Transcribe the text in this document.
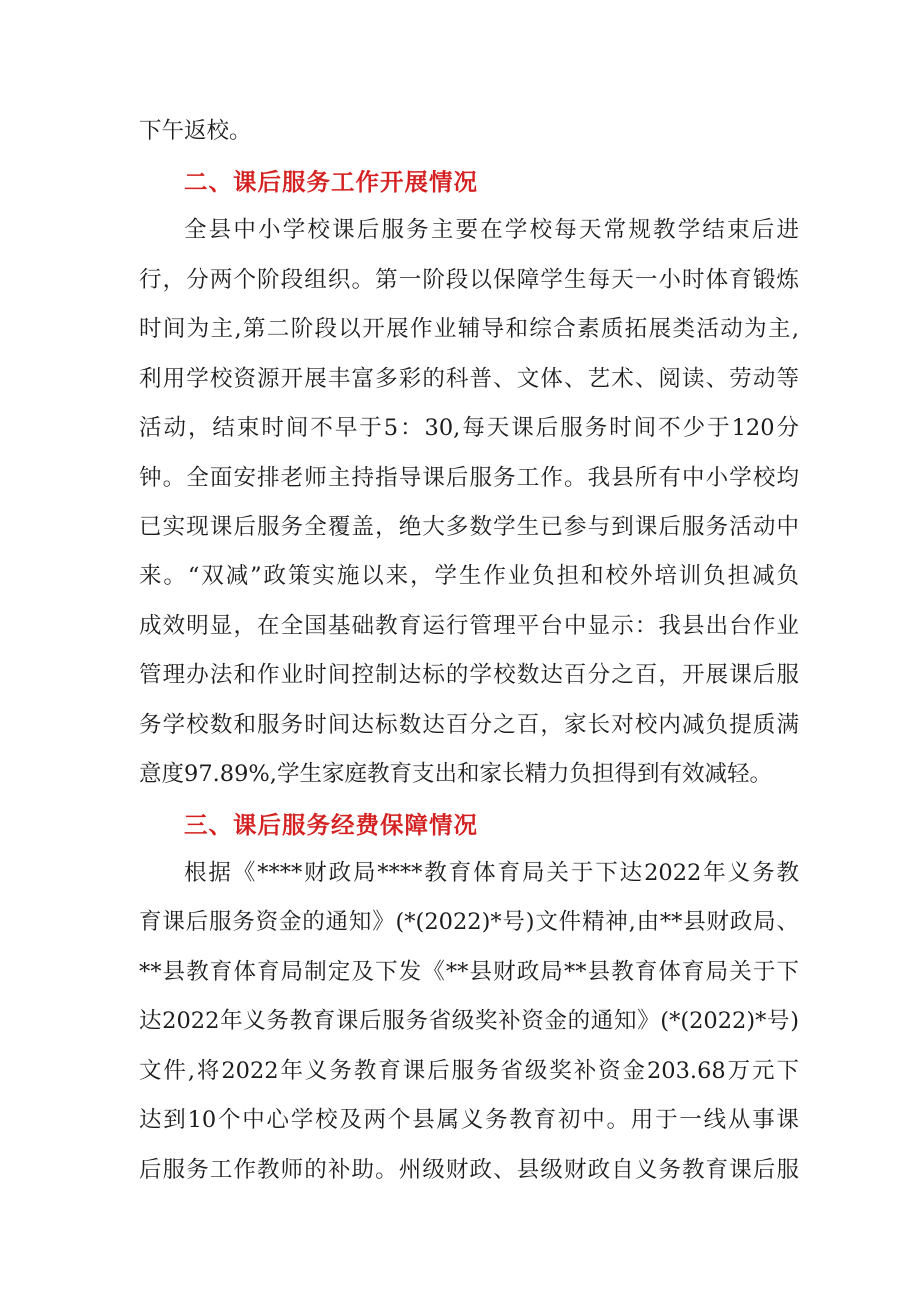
下午返校。
二、课后服务工作开展情况
全县中小学校课后服务主要在学校每天常规教学结束后进
行，分两个阶段组织。第一阶段以保障学生每天一小时体育锻炼
时间为主,第二阶段以开展作业辅导和综合素质拓展类活动为主,
利用学校资源开展丰富多彩的科普、文体、艺术、阅读、劳动等
活动，结束时间不早于5：30,每天课后服务时间不少于120分
钟。全面安排老师主持指导课后服务工作。我县所有中小学校均
已实现课后服务全覆盖，绝大多数学生已参与到课后服务活动中
来。“双减”政策实施以来，学生作业负担和校外培训负担减负
成效明显，在全国基础教育运行管理平台中显示：我县出台作业
管理办法和作业时间控制达标的学校数达百分之百，开展课后服
务学校数和服务时间达标数达百分之百，家长对校内减负提质满
意度97.89%,学生家庭教育支出和家长精力负担得到有效减轻。
三、课后服务经费保障情况
根据《****财政局****教育体育局关于下达2022年义务教
育课后服务资金的通知》(*(2022)*号)文件精神,由**县财政局、
**县教育体育局制定及下发《**县财政局**县教育体育局关于下
达2022年义务教育课后服务省级奖补资金的通知》(*(2022)*号)
文件,将2022年义务教育课后服务省级奖补资金203.68万元下
达到10个中心学校及两个县属义务教育初中。用于一线从事课
后服务工作教师的补助。州级财政、县级财政自义务教育课后服
